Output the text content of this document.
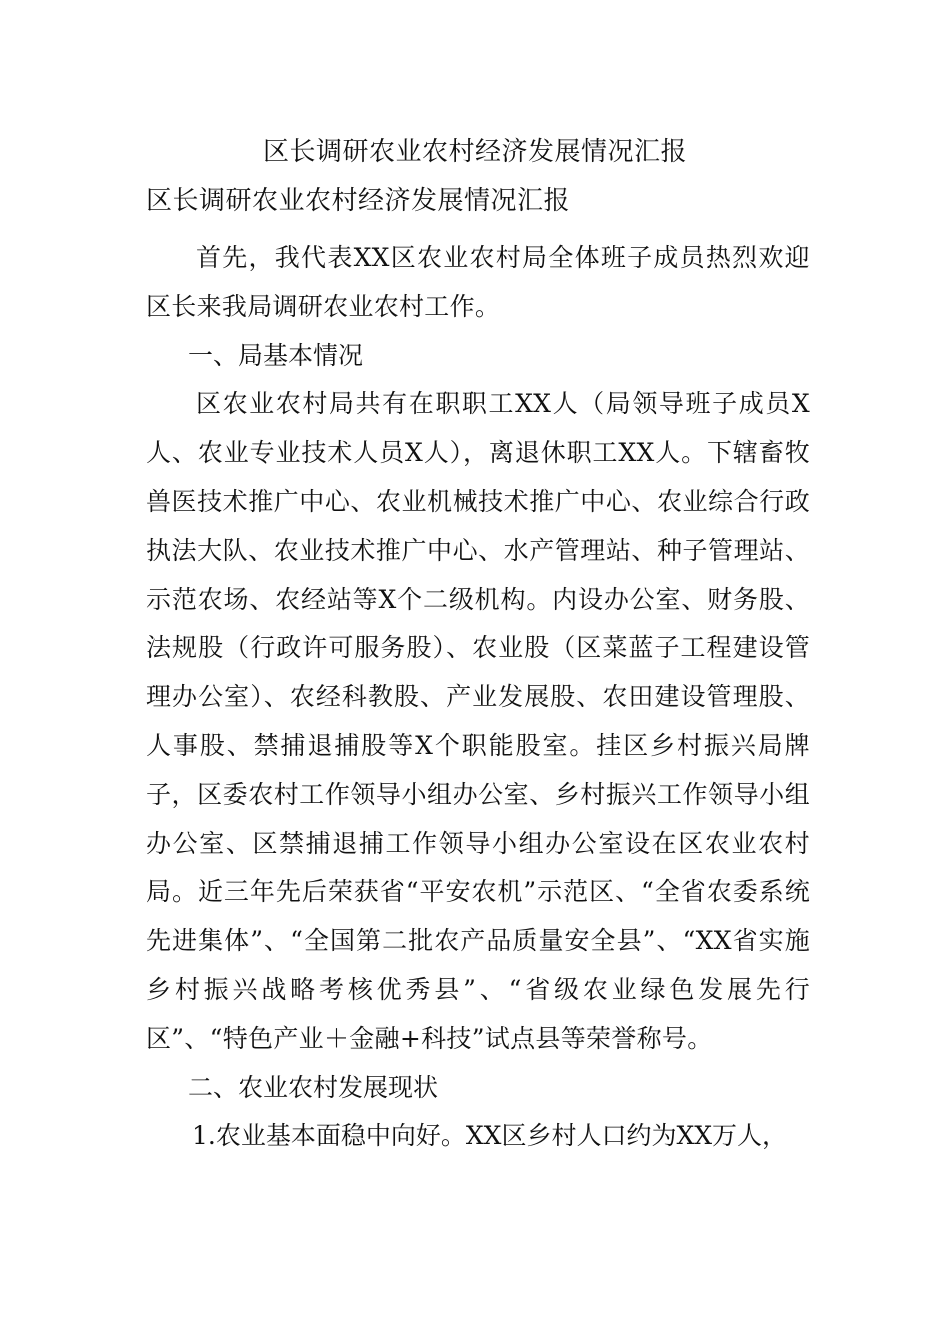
区长调研农业农村经济发展情况汇报
区长调研农业农村经济发展情况汇报

首先，我代表XX区农业农村局全体班子成员热烈欢迎区长来我局调研农业农村工作。

一、局基本情况

区农业农村局共有在职职工XX人（局领导班子成员X人、农业专业技术人员X人），离退休职工XX人。下辖畜牧兽医技术推广中心、农业机械技术推广中心、农业综合行政执法大队、农业技术推广中心、水产管理站、种子管理站、示范农场、农经站等X个二级机构。内设办公室、财务股、法规股（行政许可服务股）、农业股（区菜蓝子工程建设管理办公室）、农经科教股、产业发展股、农田建设管理股、人事股、禁捕退捕股等X个职能股室。挂区乡村振兴局牌子，区委农村工作领导小组办公室、乡村振兴工作领导小组办公室、区禁捕退捕工作领导小组办公室设在区农业农村局。近三年先后荣获省“平安农机”示范区、“全省农委系统先进集体”、“全国第二批农产品质量安全县”、“XX省实施乡村振兴战略考核优秀县”、“省级农业绿色发展先行区”、“特色产业＋金融+科技”试点县等荣誉称号。

二、农业农村发展现状

1.农业基本面稳中向好。XX区乡村人口约为XX万人，
